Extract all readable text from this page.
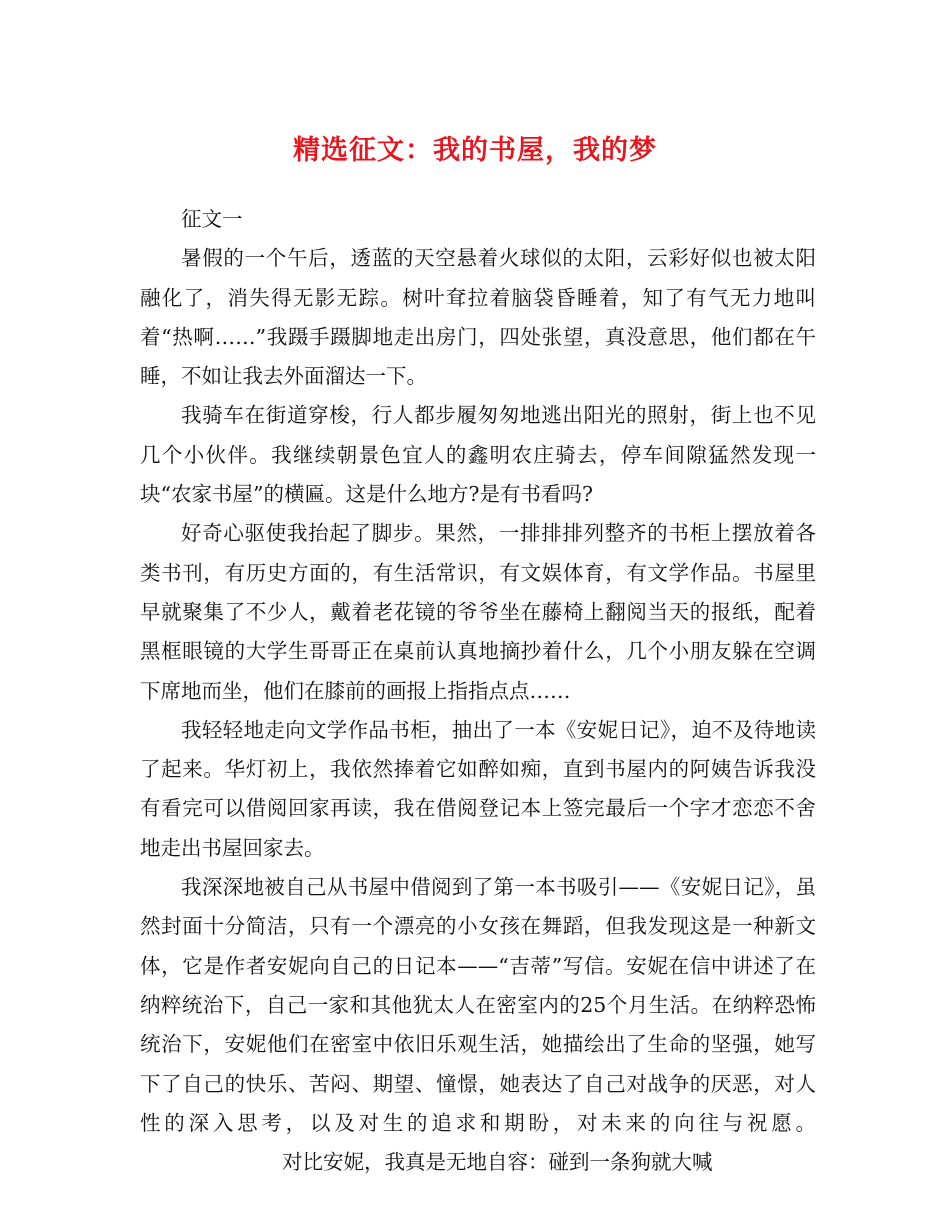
精选征文：我的书屋，我的梦

征文一

暑假的一个午后，透蓝的天空悬着火球似的太阳，云彩好似也被太阳融化了，消失得无影无踪。树叶耷拉着脑袋昏睡着，知了有气无力地叫着“热啊……”我蹑手蹑脚地走出房门，四处张望，真没意思，他们都在午睡，不如让我去外面溜达一下。

我骑车在街道穿梭，行人都步履匆匆地逃出阳光的照射，街上也不见几个小伙伴。我继续朝景色宜人的鑫明农庄骑去，停车间隙猛然发现一块“农家书屋”的横匾。这是什么地方?是有书看吗?

好奇心驱使我抬起了脚步。果然，一排排排列整齐的书柜上摆放着各类书刊，有历史方面的，有生活常识，有文娱体育，有文学作品。书屋里早就聚集了不少人，戴着老花镜的爷爷坐在藤椅上翻阅当天的报纸，配着黑框眼镜的大学生哥哥正在桌前认真地摘抄着什么，几个小朋友躲在空调下席地而坐，他们在膝前的画报上指指点点……

我轻轻地走向文学作品书柜，抽出了一本《安妮日记》，迫不及待地读了起来。华灯初上，我依然捧着它如醉如痴，直到书屋内的阿姨告诉我没有看完可以借阅回家再读，我在借阅登记本上签完最后一个字才恋恋不舍地走出书屋回家去。

我深深地被自己从书屋中借阅到了第一本书吸引——《安妮日记》，虽然封面十分简洁，只有一个漂亮的小女孩在舞蹈，但我发现这是一种新文体，它是作者安妮向自己的日记本——“吉蒂”写信。安妮在信中讲述了在纳粹统治下，自己一家和其他犹太人在密室内的25个月生活。在纳粹恐怖统治下，安妮他们在密室中依旧乐观生活，她描绘出了生命的坚强，她写下了自己的快乐、苦闷、期望、憧憬，她表达了自己对战争的厌恶，对人性的深入思考，以及对生的追求和期盼，对未来的向往与祝愿。对比安妮，我真是无地自容：碰到一条狗就大喊
